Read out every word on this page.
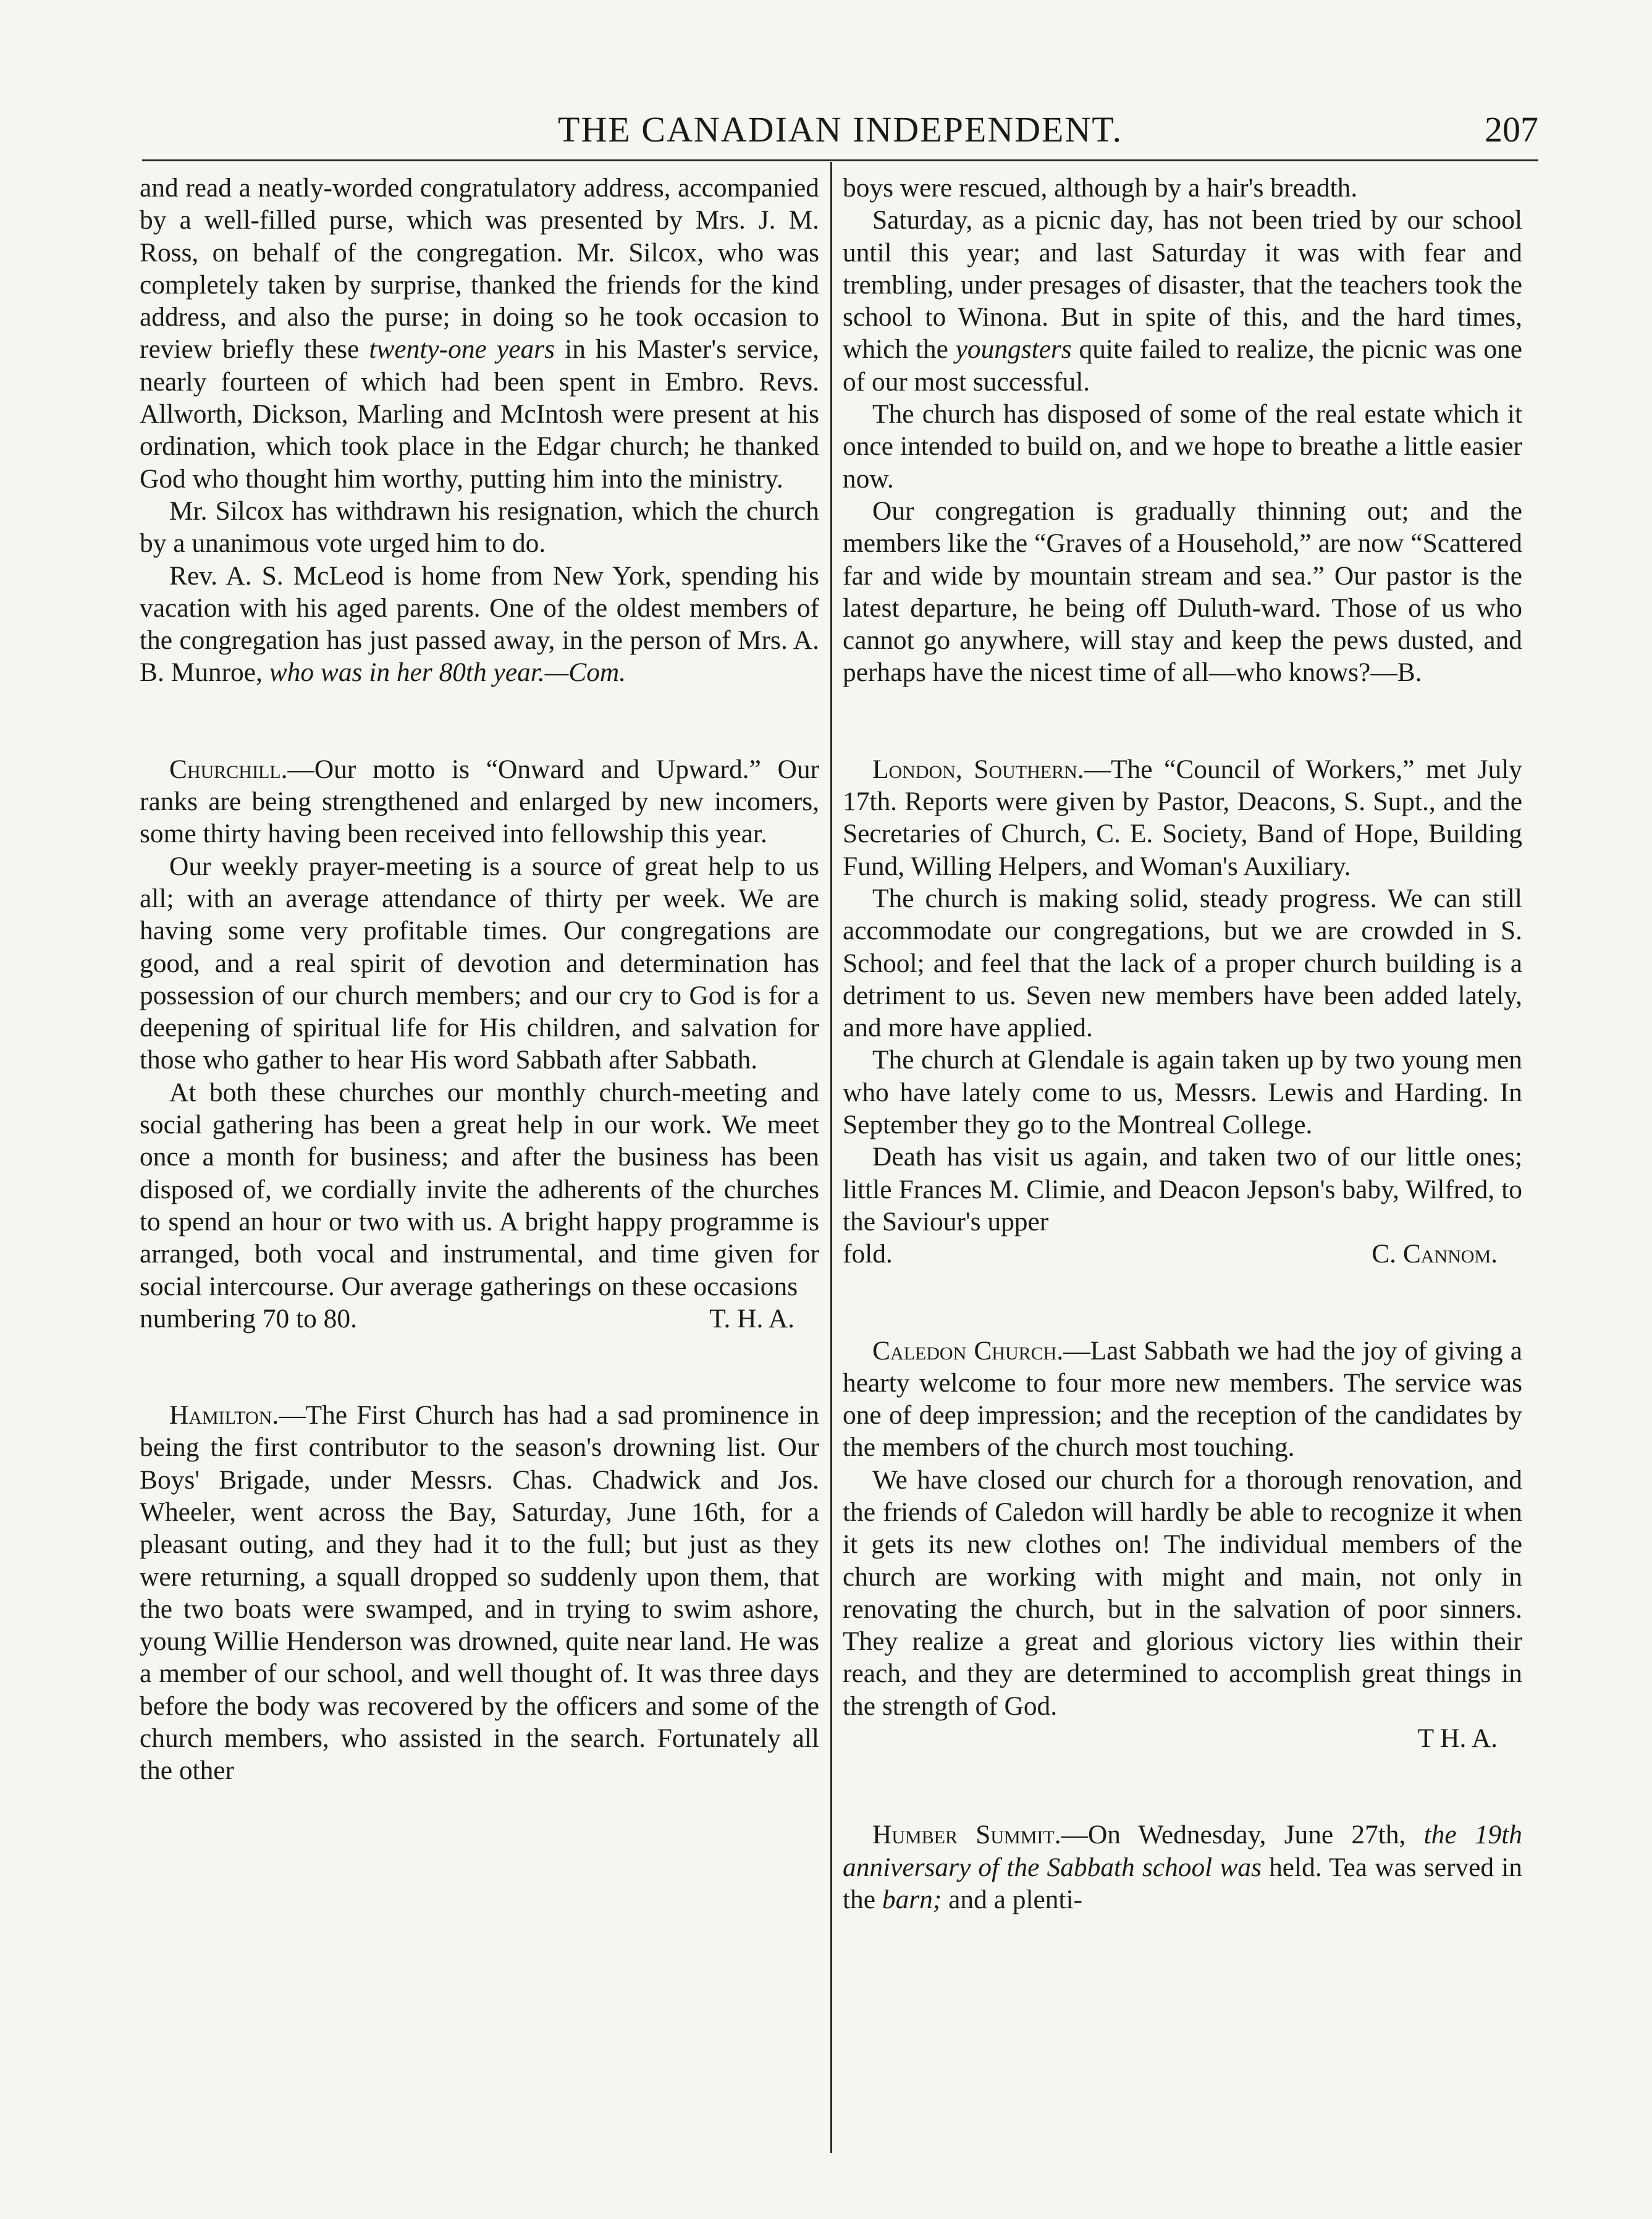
THE CANADIAN INDEPENDENT.	207

and read a neatly-worded congratulatory address, accompanied by a well-filled purse, which was presented by Mrs. J. M. Ross, on behalf of the congregation. Mr. Silcox, who was completely taken by surprise, thanked the friends for the kind address, and also the purse; in doing so he took occasion to review briefly these twenty-one years in his Master's service, nearly fourteen of which had been spent in Embro. Revs. Allworth, Dickson, Marling and McIntosh were present at his ordination, which took place in the Edgar church; he thanked God who thought him worthy, putting him into the ministry.

Mr. Silcox has withdrawn his resignation, which the church by a unanimous vote urged him to do.

Rev. A. S. McLeod is home from New York, spending his vacation with his aged parents. One of the oldest members of the congregation has just passed away, in the person of Mrs. A. B. Munroe, who was in her 80th year.—Com.

Churchill.—Our motto is “Onward and Upward.” Our ranks are being strengthened and enlarged by new incomers, some thirty having been received into fellowship this year.

Our weekly prayer-meeting is a source of great help to us all; with an average attendance of thirty per week. We are having some very profitable times. Our congregations are good, and a real spirit of devotion and determination has possession of our church members; and our cry to God is for a deepening of spiritual life for His children, and salvation for those who gather to hear His word Sabbath after Sabbath.

At both these churches our monthly church-meeting and social gathering has been a great help in our work. We meet once a month for business; and after the business has been disposed of, we cordially invite the adherents of the churches to spend an hour or two with us. A bright happy programme is arranged, both vocal and instrumental, and time given for social intercourse. Our average gatherings on these occasions

numbering 70 to 80.	T. H. A.

Hamilton.—The First Church has had a sad prominence in being the first contributor to the season's drowning list. Our Boys' Brigade, under Messrs. Chas. Chadwick and Jos. Wheeler, went across the Bay, Saturday, June 16th, for a pleasant outing, and they had it to the full; but just as they were returning, a squall dropped so suddenly upon them, that the two boats were swamped, and in trying to swim ashore, young Willie Henderson was drowned, quite near land. He was a member of our school, and well thought of. It was three days before the body was recovered by the officers and some of the church members, who assisted in the search. Fortunately all the other

boys were rescued, although by a hair's breadth.

Saturday, as a picnic day, has not been tried by our school until this year; and last Saturday it was with fear and trembling, under presages of disaster, that the teachers took the school to Winona. But in spite of this, and the hard times, which the youngsters quite failed to realize, the picnic was one of our most successful.

The church has disposed of some of the real estate which it once intended to build on, and we hope to breathe a little easier now.

Our congregation is gradually thinning out; and the members like the “Graves of a Household,” are now “Scattered far and wide by mountain stream and sea.” Our pastor is the latest departure, he being off Duluth-ward. Those of us who cannot go anywhere, will stay and keep the pews dusted, and perhaps have the nicest time of all—who knows?—B.

London, Southern.—The “Council of Workers,” met July 17th. Reports were given by Pastor, Deacons, S. Supt., and the Secretaries of Church, C. E. Society, Band of Hope, Building Fund, Willing Helpers, and Woman's Auxiliary.

The church is making solid, steady progress. We can still accommodate our congregations, but we are crowded in S. School; and feel that the lack of a proper church building is a detriment to us. Seven new members have been added lately, and more have applied.

The church at Glendale is again taken up by two young men who have lately come to us, Messrs. Lewis and Harding. In September they go to the Montreal College.

Death has visit us again, and taken two of our little ones; little Frances M. Climie, and Deacon Jepson's baby, Wilfred, to the Saviour's upper

fold.	C. Cannom.

Caledon Church.—Last Sabbath we had the joy of giving a hearty welcome to four more new members. The service was one of deep impression; and the reception of the candidates by the members of the church most touching.

We have closed our church for a thorough renovation, and the friends of Caledon will hardly be able to recognize it when it gets its new clothes on! The individual members of the church are working with might and main, not only in renovating the church, but in the salvation of poor sinners. They realize a great and glorious victory lies within their reach, and they are determined to accomplish great things in the strength of God.

T H. A.

Humber Summit.—On Wednesday, June 27th, the 19th anniversary of the Sabbath school was held. Tea was served in the barn; and a plenti-
